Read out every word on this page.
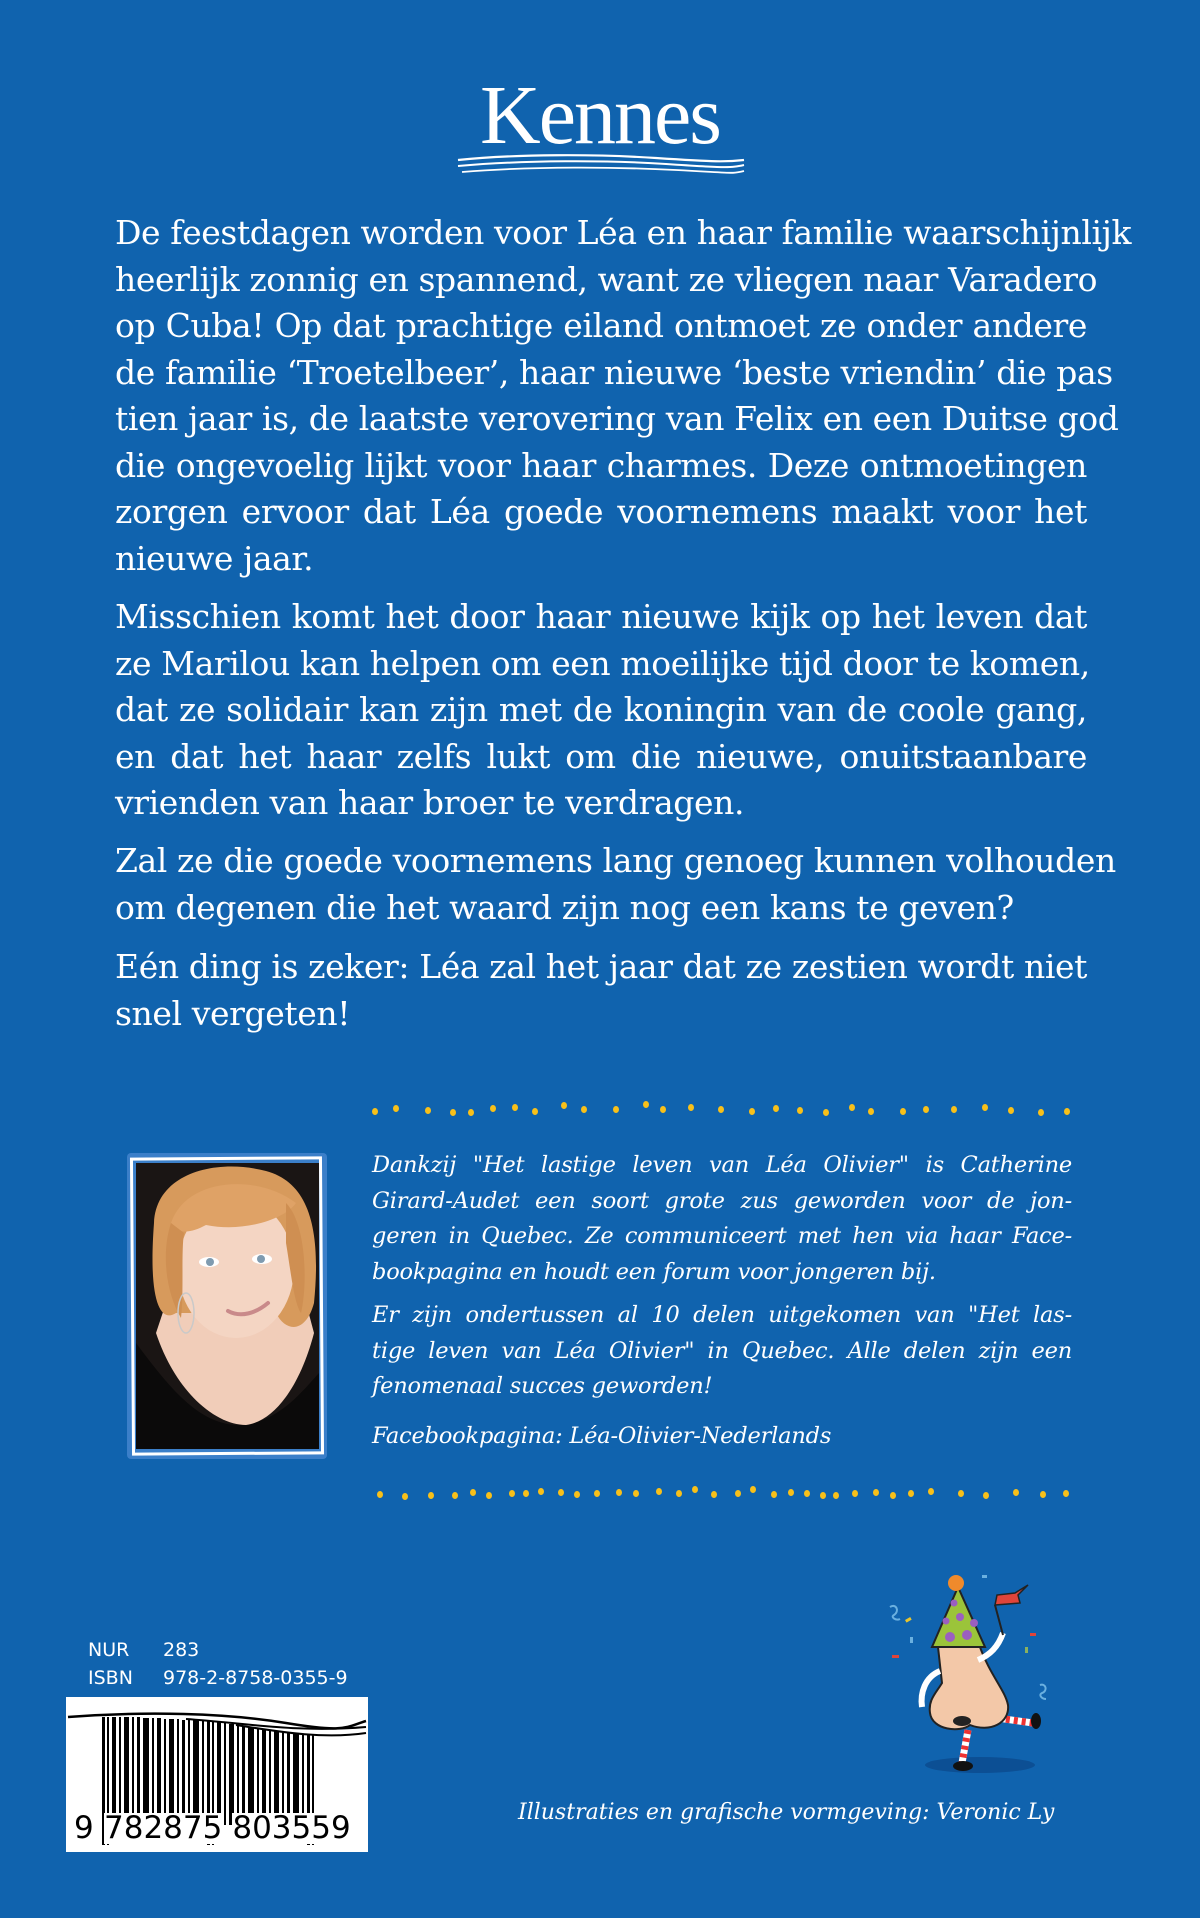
Kennes
De feestdagen worden voor Léa en haar familie waarschijnlijk
heerlijk zonnig en spannend, want ze vliegen naar Varadero
op Cuba! Op dat prachtige eiland ontmoet ze onder andere
de familie ‘Troetelbeer’, haar nieuwe ‘beste vriendin’ die pas
tien jaar is, de laatste verovering van Felix en een Duitse god
die ongevoelig lijkt voor haar charmes. Deze ontmoetingen
zorgen ervoor dat Léa goede voornemens maakt voor het
nieuwe jaar.
Misschien komt het door haar nieuwe kijk op het leven dat
ze Marilou kan helpen om een moeilijke tijd door te komen,
dat ze solidair kan zijn met de koningin van de coole gang,
en dat het haar zelfs lukt om die nieuwe, onuitstaanbare
vrienden van haar broer te verdragen.
Zal ze die goede voornemens lang genoeg kunnen volhouden
om degenen die het waard zijn nog een kans te geven?
Eén ding is zeker: Léa zal het jaar dat ze zestien wordt niet
snel vergeten!
Dankzij "Het lastige leven van Léa Olivier" is Catherine
Girard-Audet een soort grote zus geworden voor de jon-
geren in Quebec. Ze communiceert met hen via haar Face-
bookpagina en houdt een forum voor jongeren bij.
Er zijn ondertussen al 10 delen uitgekomen van "Het las-
tige leven van Léa Olivier" in Quebec. Alle delen zijn een
fenomenaal succes geworden!
Facebookpagina: Léa-Olivier-Nederlands
NUR	283
ISBN	978-2-8758-0355-9
9 782875 803559	Illustraties en grafische vormgeving: Veronic Ly
